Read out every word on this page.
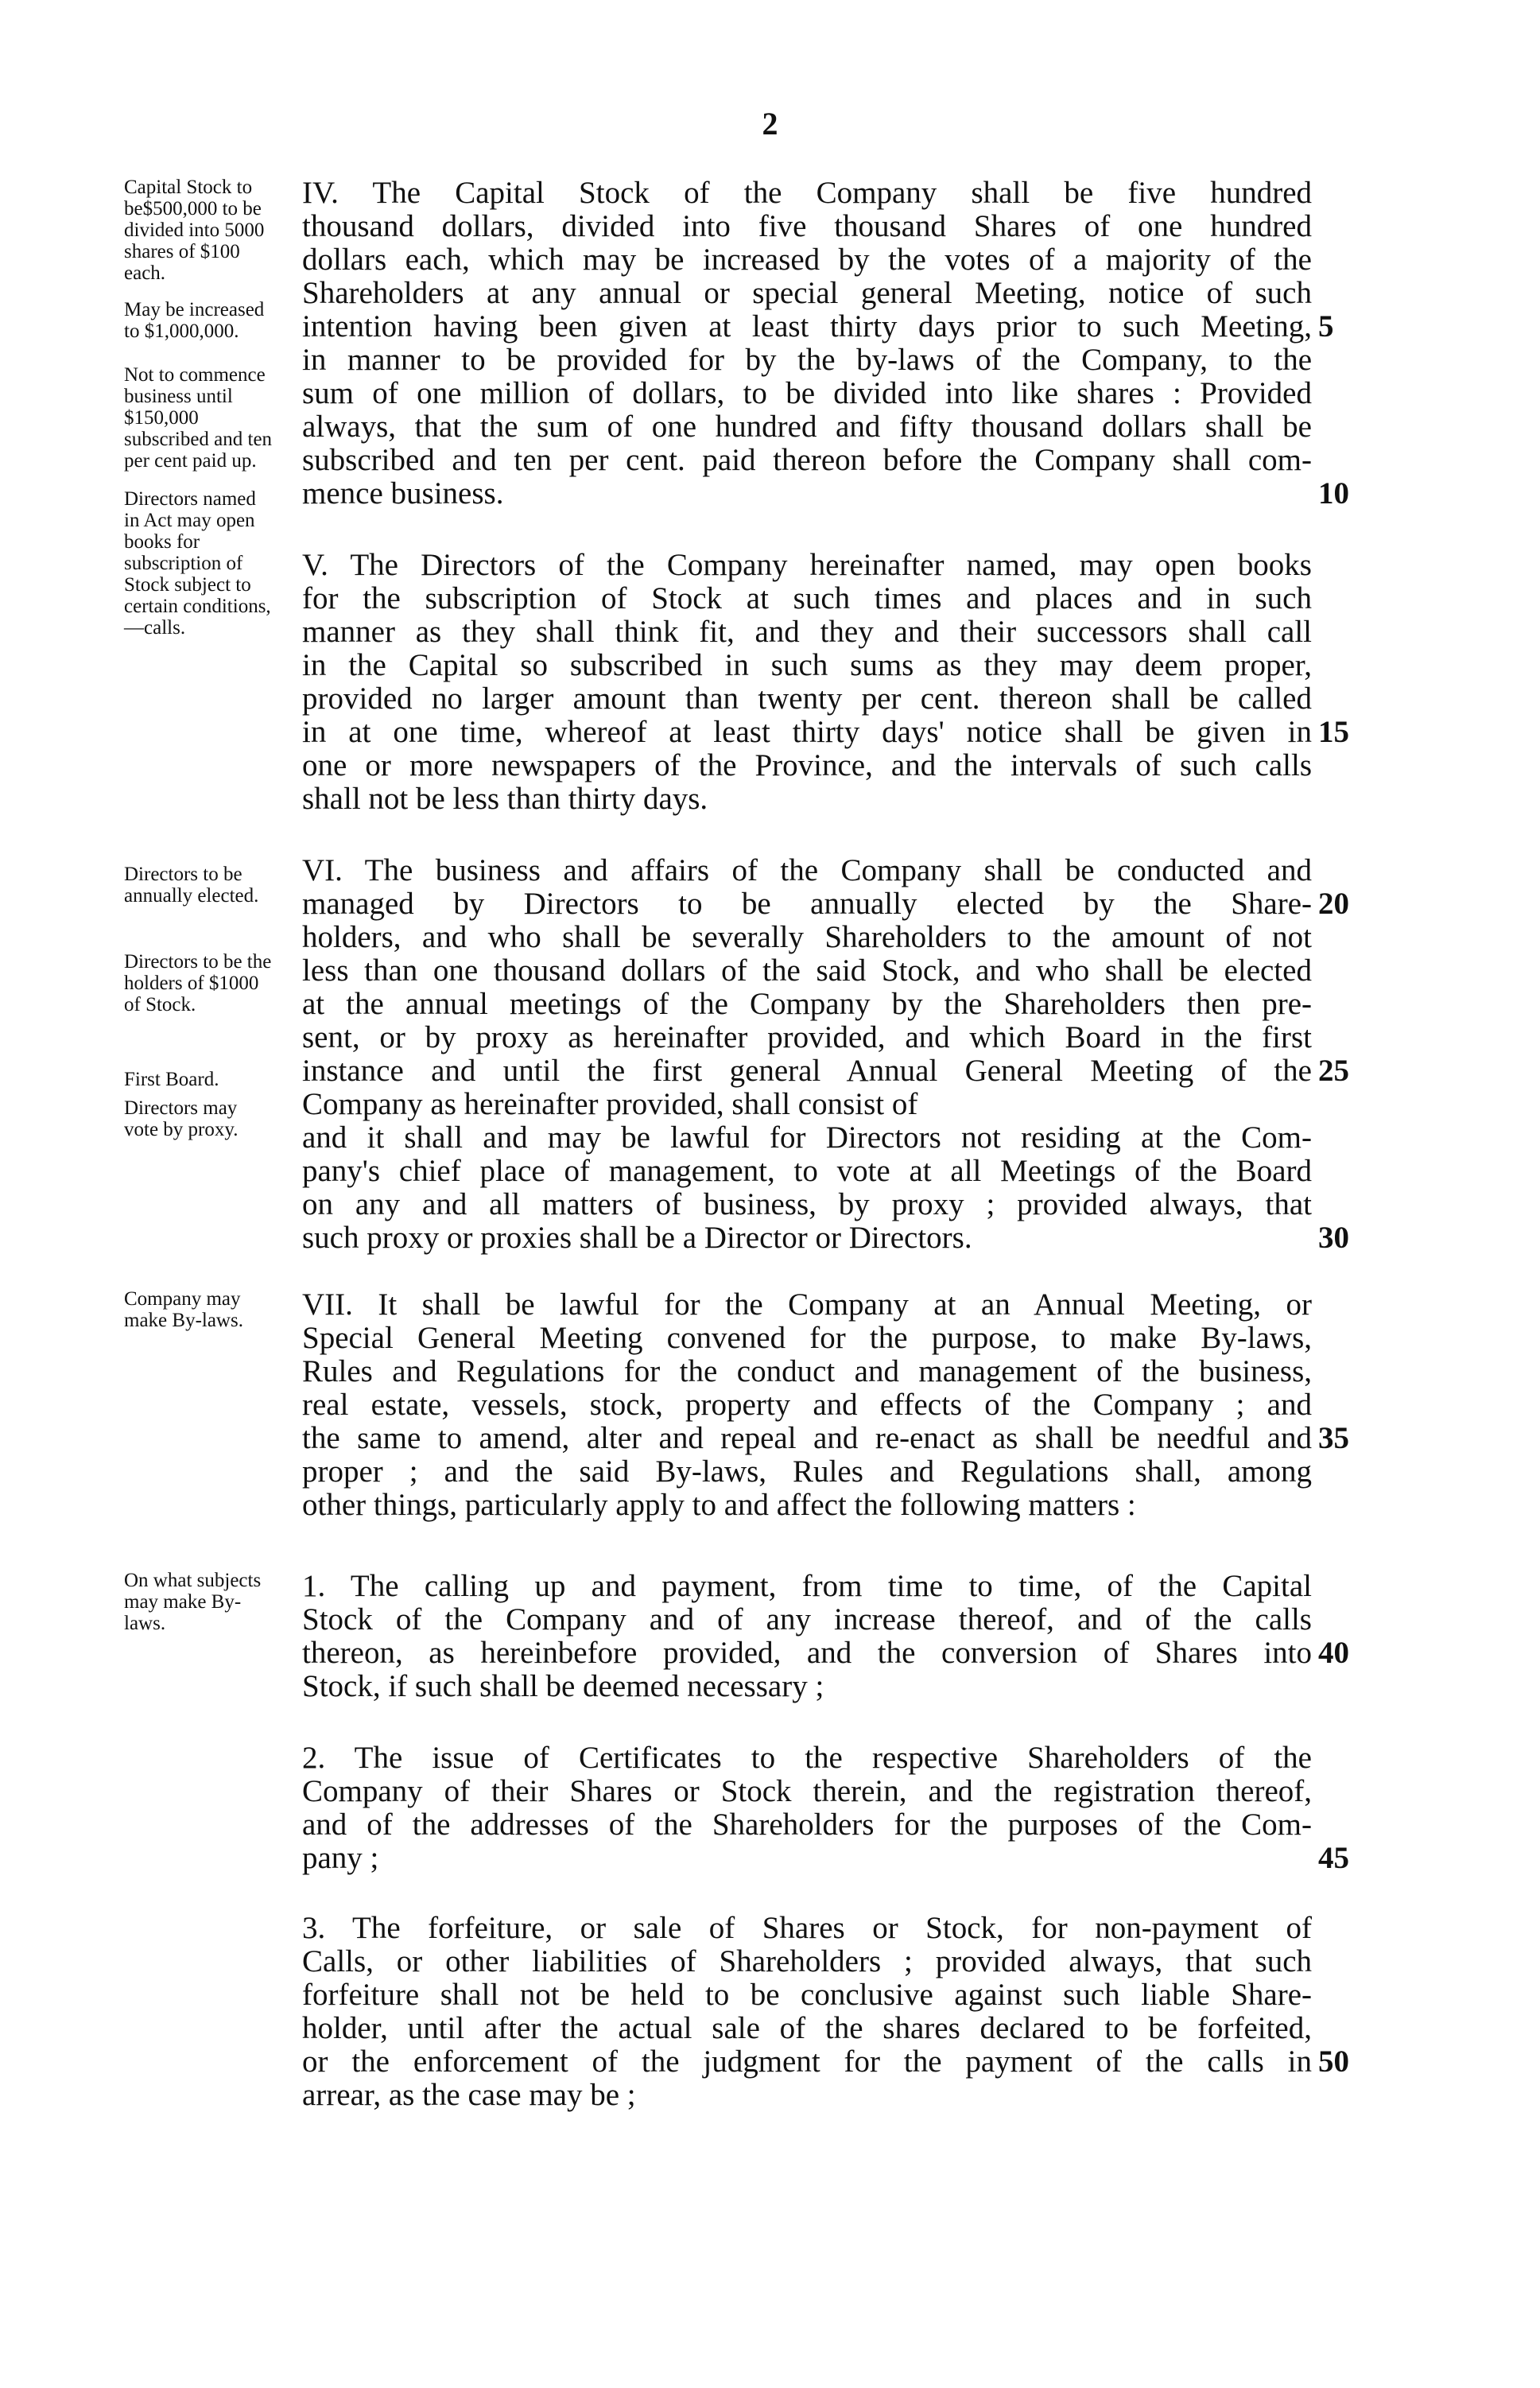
2
Capital Stock to be$500,000 to be divided into 5000 shares of $100 each.
May be increased to $1,000,000.
Not to commence business until $150,000 subscribed and ten per cent paid up.
Directors named in Act may open books for subscription of Stock subject to certain conditions,—calls.
Directors to be annually elected.
Directors to be the holders of $1000 of Stock.
First Board.
Directors may vote by proxy.
Company may make By-laws.
On what subjects may make By-laws.
IV. The Capital Stock of the Company shall be five hundred
thousand dollars, divided into five thousand Shares of one hundred
dollars each, which may be increased by the votes of a majority of the
Shareholders at any annual or special general Meeting, notice of such
intention having been given at least thirty days prior to such Meeting,
in manner to be provided for by the by-laws of the Company, to the
sum of one million of dollars, to be divided into like shares : Provided
always, that the sum of one hundred and fifty thousand dollars shall be
subscribed and ten per cent. paid thereon before the Company shall com-
mence business.
V. The Directors of the Company hereinafter named, may open books
for the subscription of Stock at such times and places and in such
manner as they shall think fit, and they and their successors shall call
in the Capital so subscribed in such sums as they may deem proper,
provided no larger amount than twenty per cent. thereon shall be called
in at one time, whereof at least thirty days' notice shall be given in
one or more newspapers of the Province, and the intervals of such calls
shall not be less than thirty days.
VI. The business and affairs of the Company shall be conducted and
managed by Directors to be annually elected by the Share-
holders, and who shall be severally Shareholders to the amount of not
less than one thousand dollars of the said Stock, and who shall be elected
at the annual meetings of the Company by the Shareholders then pre-
sent, or by proxy as hereinafter provided, and which Board in the first
instance and until the first general Annual General Meeting of the
Company as hereinafter provided, shall consist of
and it shall and may be lawful for Directors not residing at the Com-
pany's chief place of management, to vote at all Meetings of the Board
on any and all matters of business, by proxy ; provided always, that
such proxy or proxies shall be a Director or Directors.
VII. It shall be lawful for the Company at an Annual Meeting, or
Special General Meeting convened for the purpose, to make By-laws,
Rules and Regulations for the conduct and management of the business,
real estate, vessels, stock, property and effects of the Company ; and
the same to amend, alter and repeal and re-enact as shall be needful and
proper ; and the said By-laws, Rules and Regulations shall, among
other things, particularly apply to and affect the following matters :
1. The calling up and payment, from time to time, of the Capital
Stock of the Company and of any increase thereof, and of the calls
thereon, as hereinbefore provided, and the conversion of Shares into
Stock, if such shall be deemed necessary ;
2. The issue of Certificates to the respective Shareholders of the
Company of their Shares or Stock therein, and the registration thereof,
and of the addresses of the Shareholders for the purposes of the Com-
pany ;
3. The forfeiture, or sale of Shares or Stock, for non-payment of
Calls, or other liabilities of Shareholders ; provided always, that such
forfeiture shall not be held to be conclusive against such liable Share-
holder, until after the actual sale of the shares declared to be forfeited,
or the enforcement of the judgment for the payment of the calls in
arrear, as the case may be ;
5
10
15
20
25
30
35
40
45
50
